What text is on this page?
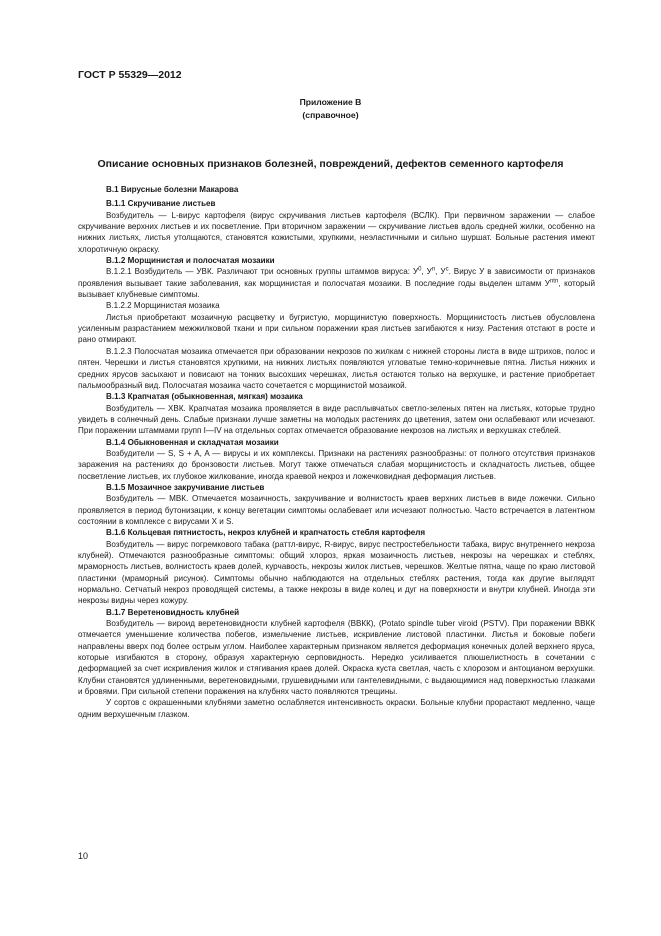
ГОСТ Р 55329—2012
Приложение В
(справочное)
Описание основных признаков болезней, повреждений, дефектов семенного картофеля

В.1 Вирусные болезни Макарова

В.1.1 Скручивание листьев

Возбудитель — L-вирус картофеля (вирус скручивания листьев картофеля (ВСЛК). При первичном заражении — слабое скручивание верхних листьев и их посветление. При вторичном заражении — скручивание листьев вдоль средней жилки, особенно на нижних листьях, листья утолщаются, становятся кожистыми, хрупкими, неэластичными и сильно шуршат. Больные растения имеют хлоротичную окраску.

В.1.2 Морщинистая и полосчатая мозаики

В.1.2.1 Возбудитель — УВК. Различают три основных группы штаммов вируса: $У^0$, $У^n$, $У^c$. Вирус У в зависимости от признаков проявления вызывает такие заболевания, как морщинистая и полосчатая мозаики. В последние годы выделен штамм $У^{ntn}$, который вызывает клубневые симптомы.

В.1.2.2 Морщинистая мозаика

Листья приобретают мозаичную расцветку и бугристую, морщинистую поверхность. Морщинистость листьев обусловлена усиленным разрастанием межжилковой ткани и при сильном поражении края листьев загибаются к низу. Растения отстают в росте и рано отмирают.

В.1.2.3 Полосчатая мозаика отмечается при образовании некрозов по жилкам с нижней стороны листа в виде штрихов, полос и пятен. Черешки и листья становятся хрупкими, на нижних листьях появляются угловатые темно-коричневые пятна. Листья нижних и средних ярусов засыхают и повисают на тонких высохших черешках, листья остаются только на верхушке, и растение приобретает пальмообразный вид. Полосчатая мозаика часто сочетается с морщинистой мозаикой.

В.1.3 Крапчатая (обыкновенная, мягкая) мозаика

Возбудитель — ХВК. Крапчатая мозаика проявляется в виде расплывчатых светло-зеленых пятен на листьях, которые трудно увидеть в солнечный день. Слабые признаки лучше заметны на молодых растениях до цветения, затем они ослабевают или исчезают. При поражении штаммами групп I—IV на отдельных сортах отмечается образование некрозов на листьях и верхушках стеблей.

В.1.4 Обыкновенная и складчатая мозаики

Возбудители — S, S + A, A — вирусы и их комплексы. Признаки на растениях разнообразны: от полного отсутствия признаков заражения на растениях до бронзовости листьев. Могут также отмечаться слабая морщинистость и складчатость листьев, общее посветление листьев, их глубокое жилкование, иногда краевой некроз и ложечковидная деформация листьев.

В.1.5 Мозаичное закручивание листьев

Возбудитель — МВК. Отмечается мозаичность, закручивание и волнистость краев верхних листьев в виде ложечки. Сильно проявляется в период бутонизации, к концу вегетации симптомы ослабевает или исчезают полностью. Часто встречается в латентном состоянии в комплексе с вирусами X и S.

В.1.6 Кольцевая пятнистость, некроз клубней и крапчатость стебля картофеля

Возбудитель — вирус погремкового табака (раттл-вирус, R-вирус, вирус пестростебельности табака, вирус внутреннего некроза клубней). Отмечаются разнообразные симптомы: общий хлороз, яркая мозаичность листьев, некрозы на черешках и стеблях, мраморность листьев, волнистость краев долей, курчавость, некрозы жилок листьев, черешков. Желтые пятна, чаще по краю листовой пластинки (мраморный рисунок). Симптомы обычно наблюдаются на отдельных стеблях растения, тогда как другие выглядят нормально. Сетчатый некроз проводящей системы, а также некрозы в виде колец и дуг на поверхности и внутри клубней. Иногда эти некрозы видны через кожуру.

В.1.7 Веретеновидность клубней

Возбудитель — вироид веретеновидности клубней картофеля (ВВКК), (Potato spindle tuber viroid (PSTV). При поражении ВВКК отмечается уменьшение количества побегов, измельчение листьев, искривление листовой пластинки. Листья и боковые побеги направлены вверх под более острым углом. Наиболее характерным признаком является деформация конечных долей верхнего яруса, которые изгибаются в сторону, образуя характерную серповидность. Нередко усиливается плюшелистность в сочетании с деформацией за счет искривления жилок и стягивания краев долей. Окраска куста светлая, часть с хлорозом и антоцианом верхушки. Клубни становятся удлиненными, веретеновидными, грушевидными или гантелевидными, с выдающимися над поверхностью глазками и бровями. При сильной степени поражения на клубнях часто появляются трещины.

У сортов с окрашенными клубнями заметно ослабляется интенсивность окраски. Больные клубни прорастают медленно, чаще одним верхушечным глазком.

10
